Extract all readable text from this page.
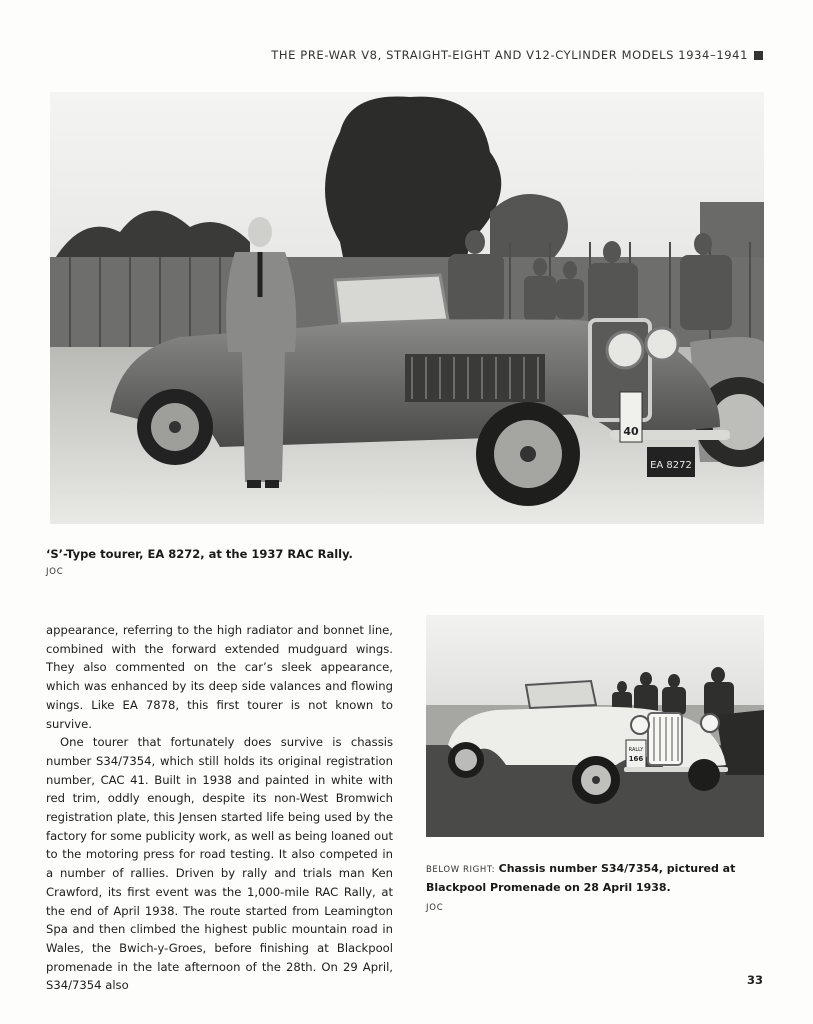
THE PRE-WAR V8, STRAIGHT-EIGHT AND V12-CYLINDER MODELS 1934–1941
40
EA 8272

‘S’-Type tourer, EA 8272, at the 1937 RAC Rally.

JOC

appearance, referring to the high radiator and bonnet line, combined with the forward extended mudguard wings. They also commented on the car’s sleek appearance, which was enhanced by its deep side valances and flowing wings. Like EA 7878, this first tourer is not known to survive.
One tourer that fortunately does survive is chassis number S34/7354, which still holds its original registration number, CAC 41. Built in 1938 and painted in white with red trim, oddly enough, despite its non-West Bromwich registration plate, this Jensen started life being used by the factory for some publicity work, as well as being loaned out to the motoring press for road testing. It also competed in a number of rallies. Driven by rally and trials man Ken Crawford, its first event was the 1,000-mile RAC Rally, at the end of April 1938. The route started from Leamington Spa and then climbed the highest public mountain road in Wales, the Bwich-y-Groes, before finishing at Blackpool promenade in the late afternoon of the 28th. On 29 April, S34/7354 also
RALLY
166
BELOW RIGHT: Chassis number S34/7354, pictured at Blackpool Promenade on 28 April 1938.
JOC
33
